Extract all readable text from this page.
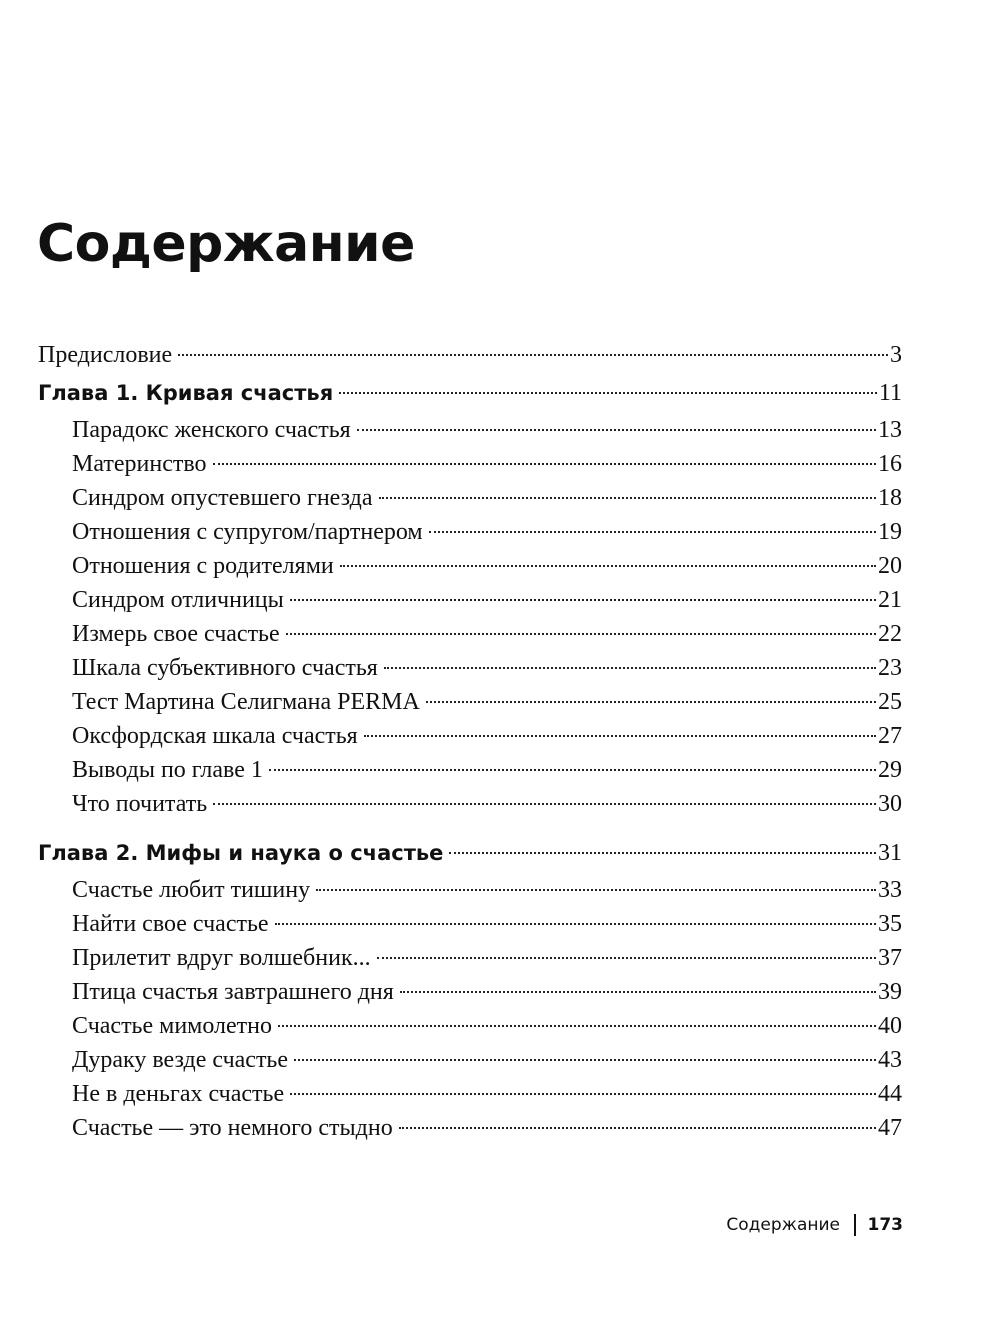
Содержание
Предисловие	3
Глава 1. Кривая счастья	11
Парадокс женского счастья	13
Материнство	16
Синдром опустевшего гнезда	18
Отношения с супругом/партнером	19
Отношения с родителями	20
Синдром отличницы	21
Измерь свое счастье	22
Шкала субъективного счастья	23
Тест Мартина Селигмана PERMA	25
Оксфордская шкала счастья	27
Выводы по главе 1	29
Что почитать	30
Глава 2. Мифы и наука о счастье	31
Счастье любит тишину	33
Найти свое счастье	35
Прилетит вдруг волшебник...	37
Птица счастья завтрашнего дня	39
Счастье мимолетно	40
Дураку везде счастье	43
Не в деньгах счастье	44
Счастье — это немного стыдно	47
Содержание 173
